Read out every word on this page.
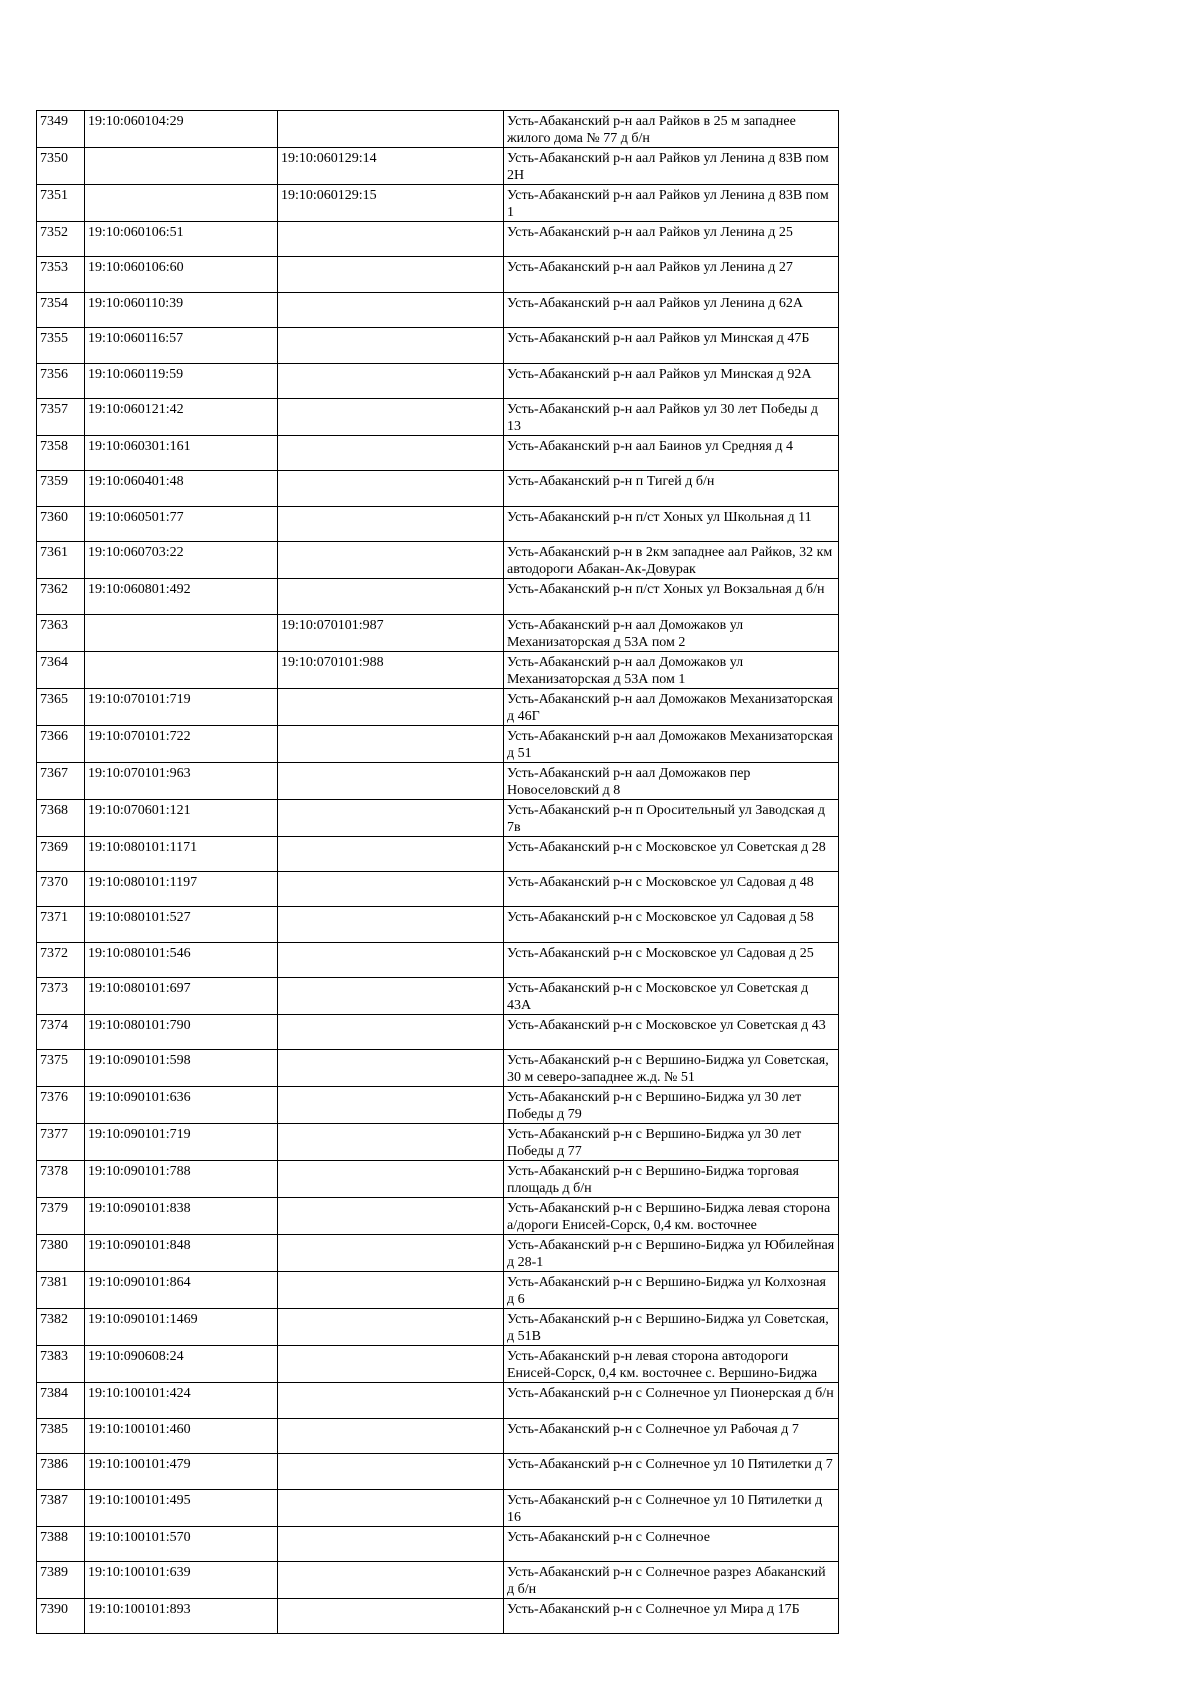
7349	19:10:060104:29		Усть-Абаканский р-н аал Райков в 25 м западнее жилого дома № 77 д б/н
7350		19:10:060129:14	Усть-Абаканский р-н аал Райков ул Ленина д 83В пом 2Н
7351		19:10:060129:15	Усть-Абаканский р-н аал Райков ул Ленина д 83В пом 1
7352	19:10:060106:51		Усть-Абаканский р-н аал Райков ул Ленина д 25
7353	19:10:060106:60		Усть-Абаканский р-н аал Райков ул Ленина д 27
7354	19:10:060110:39		Усть-Абаканский р-н аал Райков ул Ленина д 62А
7355	19:10:060116:57		Усть-Абаканский р-н аал Райков ул Минская д 47Б
7356	19:10:060119:59		Усть-Абаканский р-н аал Райков ул Минская д 92А
7357	19:10:060121:42		Усть-Абаканский р-н аал Райков ул 30 лет Победы д 13
7358	19:10:060301:161		Усть-Абаканский р-н аал Баинов ул Средняя д 4
7359	19:10:060401:48		Усть-Абаканский р-н п Тигей д б/н
7360	19:10:060501:77		Усть-Абаканский р-н п/ст Хоных ул Школьная д 11
7361	19:10:060703:22		Усть-Абаканский р-н в 2км западнее аал Райков, 32 км автодороги Абакан-Ак-Довурак
7362	19:10:060801:492		Усть-Абаканский р-н п/ст Хоных ул Вокзальная д б/н
7363		19:10:070101:987	Усть-Абаканский р-н аал Доможаков ул Механизаторская д 53А пом 2
7364		19:10:070101:988	Усть-Абаканский р-н аал Доможаков ул Механизаторская д 53А пом 1
7365	19:10:070101:719		Усть-Абаканский р-н аал Доможаков Механизаторская д 46Г
7366	19:10:070101:722		Усть-Абаканский р-н аал Доможаков Механизаторская д 51
7367	19:10:070101:963		Усть-Абаканский р-н аал Доможаков пер Новоселовский д 8
7368	19:10:070601:121		Усть-Абаканский р-н п Оросительный ул Заводская д 7в
7369	19:10:080101:1171		Усть-Абаканский р-н с Московское ул Советская д 28
7370	19:10:080101:1197		Усть-Абаканский р-н с Московское ул Садовая д 48
7371	19:10:080101:527		Усть-Абаканский р-н с Московское ул Садовая д 58
7372	19:10:080101:546		Усть-Абаканский р-н с Московское ул Садовая д 25
7373	19:10:080101:697		Усть-Абаканский р-н с Московское ул Советская д 43А
7374	19:10:080101:790		Усть-Абаканский р-н с Московское ул Советская д 43
7375	19:10:090101:598		Усть-Абаканский р-н с Вершино-Биджа ул Советская, 30 м северо-западнее ж.д. № 51
7376	19:10:090101:636		Усть-Абаканский р-н с Вершино-Биджа ул 30 лет Победы д 79
7377	19:10:090101:719		Усть-Абаканский р-н с Вершино-Биджа ул 30 лет Победы д 77
7378	19:10:090101:788		Усть-Абаканский р-н с Вершино-Биджа торговая площадь д б/н
7379	19:10:090101:838		Усть-Абаканский р-н с Вершино-Биджа левая сторона а/дороги Енисей-Сорск, 0,4 км. восточнее
7380	19:10:090101:848		Усть-Абаканский р-н с Вершино-Биджа ул Юбилейная д 28-1
7381	19:10:090101:864		Усть-Абаканский р-н с Вершино-Биджа ул Колхозная д 6
7382	19:10:090101:1469		Усть-Абаканский р-н с Вершино-Биджа ул Советская, д 51В
7383	19:10:090608:24		Усть-Абаканский р-н левая сторона автодороги Енисей-Сорск, 0,4 км. восточнее с. Вершино-Биджа
7384	19:10:100101:424		Усть-Абаканский р-н с Солнечное ул Пионерская д б/н
7385	19:10:100101:460		Усть-Абаканский р-н с Солнечное ул Рабочая д 7
7386	19:10:100101:479		Усть-Абаканский р-н с Солнечное ул 10 Пятилетки д 7
7387	19:10:100101:495		Усть-Абаканский р-н с Солнечное ул 10 Пятилетки д 16
7388	19:10:100101:570		Усть-Абаканский р-н с Солнечное
7389	19:10:100101:639		Усть-Абаканский р-н с Солнечное разрез Абаканский д б/н
7390	19:10:100101:893		Усть-Абаканский р-н с Солнечное ул Мира д 17Б
